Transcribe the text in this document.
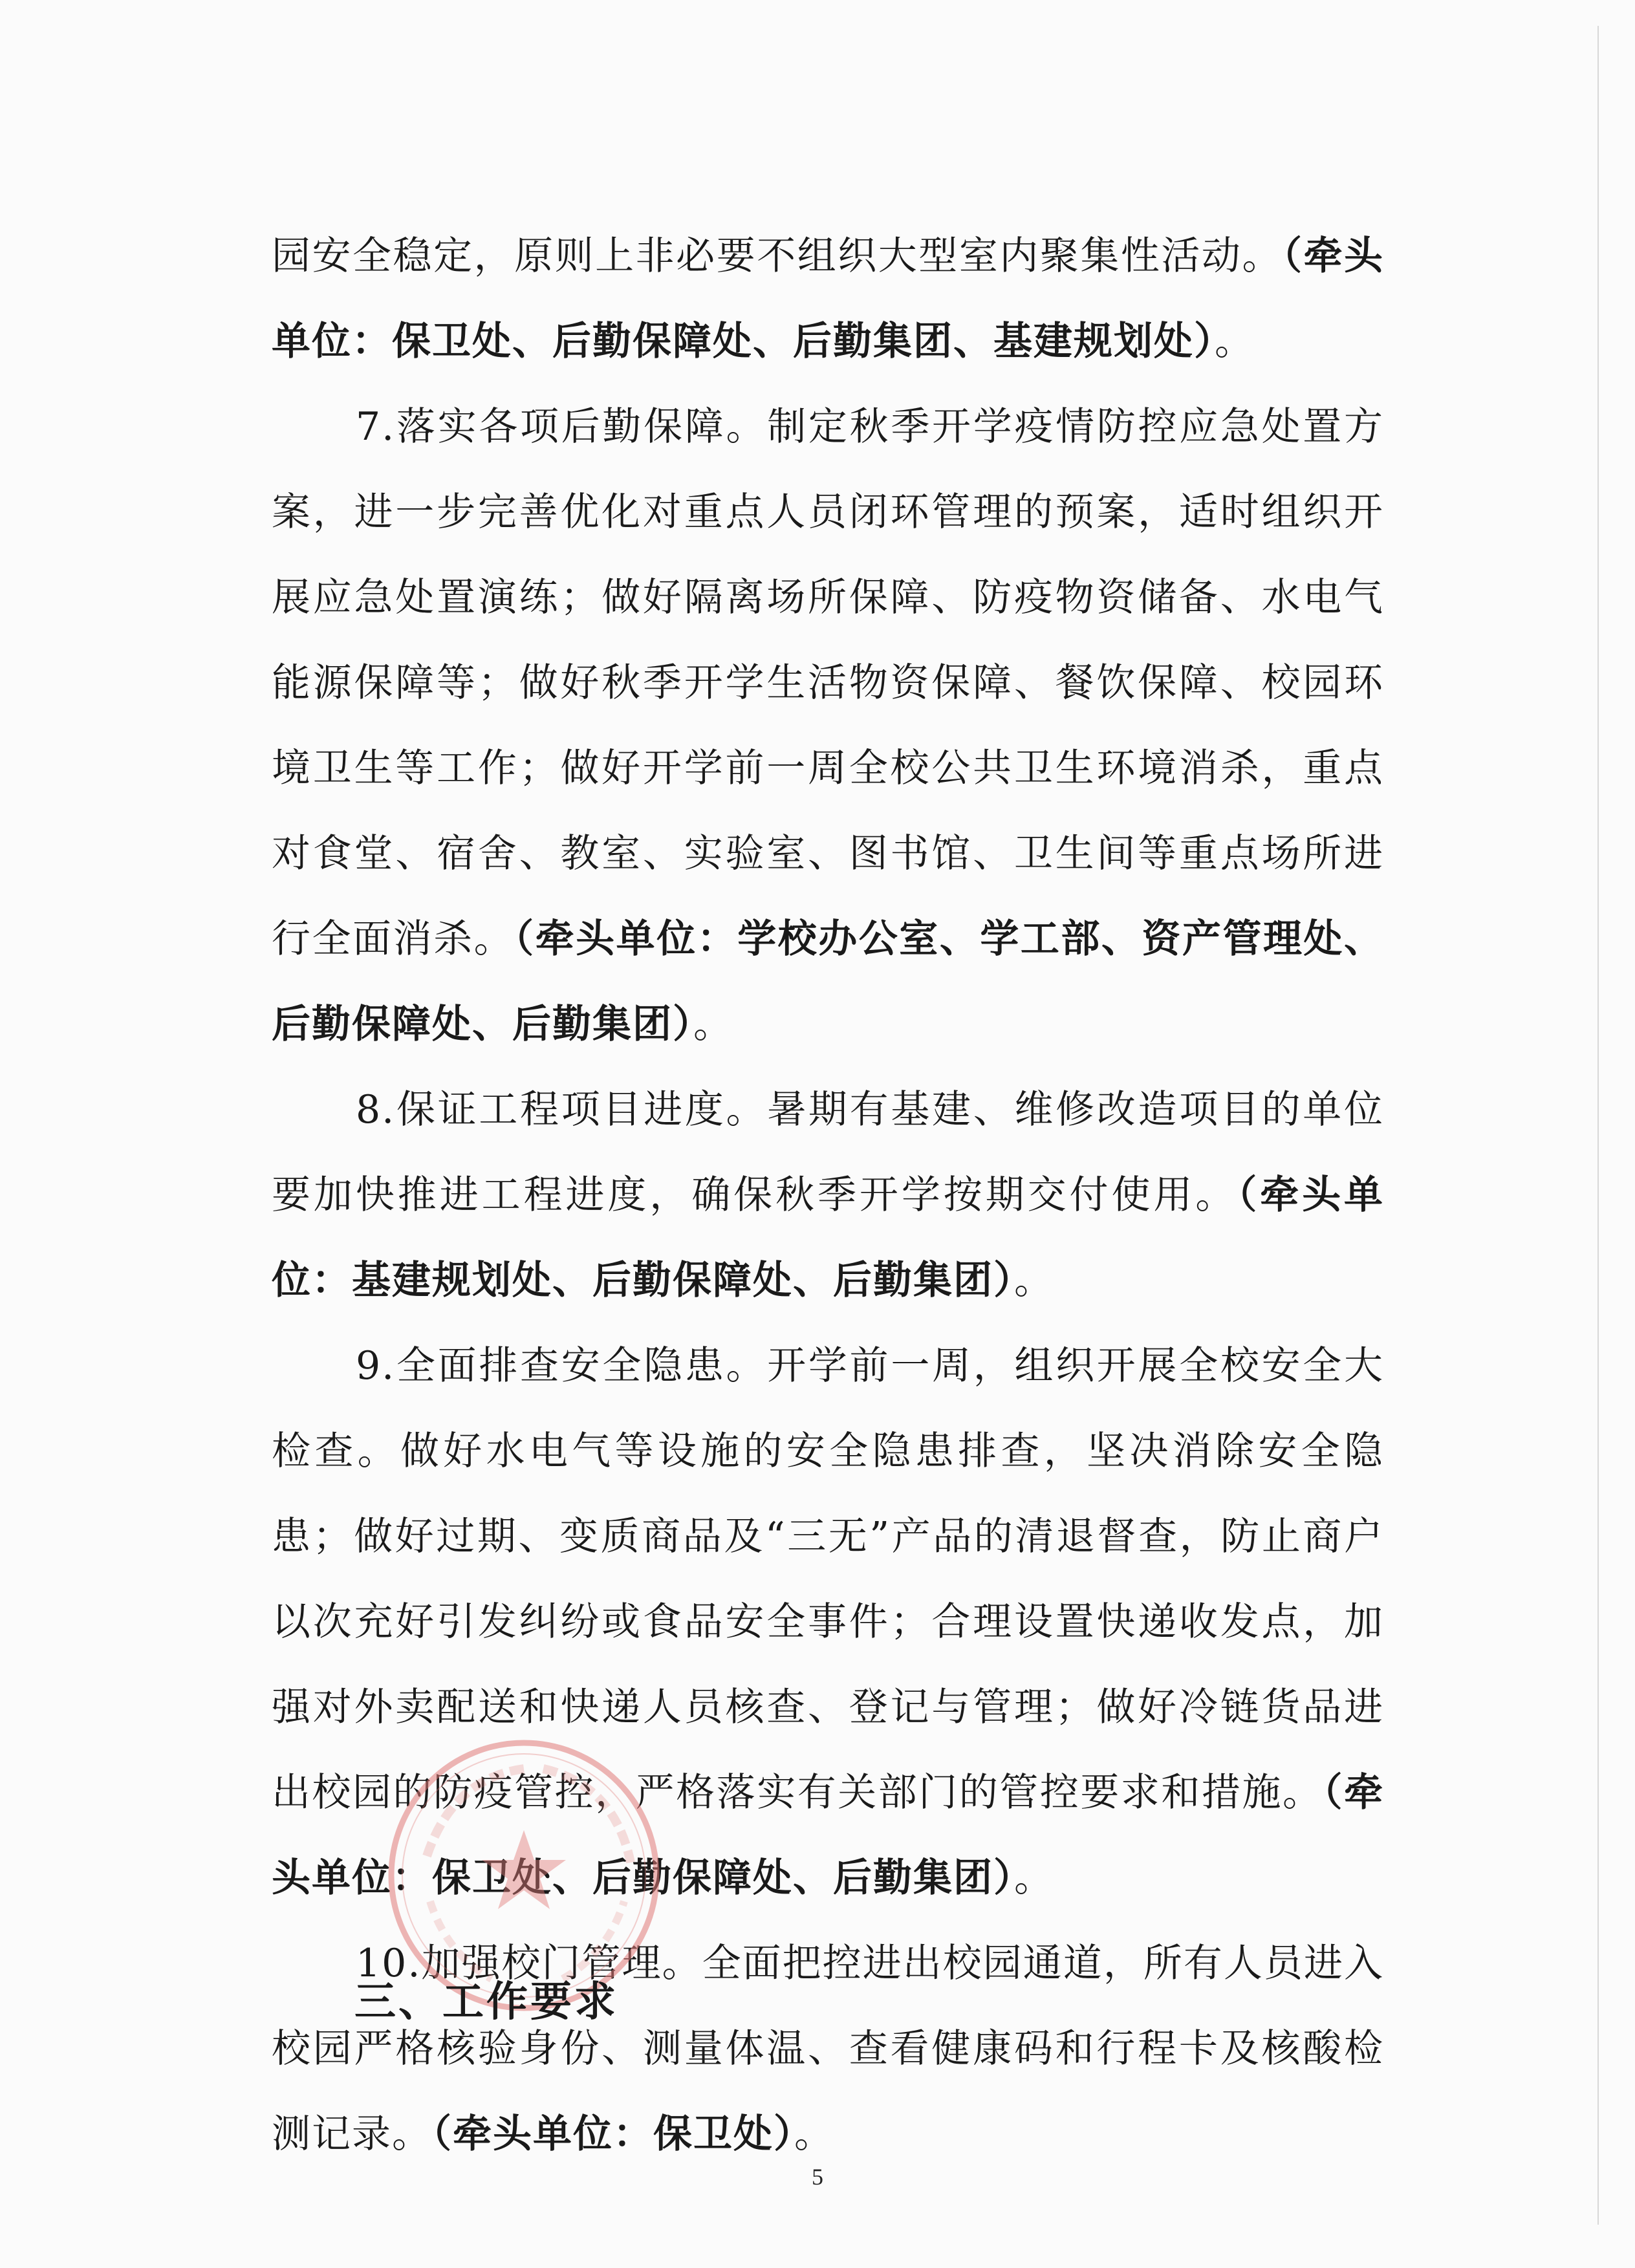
园安全稳定，原则上非必要不组织大型室内聚集性活动。（牵头单位：保卫处、后勤保障处、后勤集团、基建规划处）。

7.落实各项后勤保障。制定秋季开学疫情防控应急处置方案，进一步完善优化对重点人员闭环管理的预案，适时组织开展应急处置演练；做好隔离场所保障、防疫物资储备、水电气能源保障等；做好秋季开学生活物资保障、餐饮保障、校园环境卫生等工作；做好开学前一周全校公共卫生环境消杀，重点对食堂、宿舍、教室、实验室、图书馆、卫生间等重点场所进行全面消杀。（牵头单位：学校办公室、学工部、资产管理处、后勤保障处、后勤集团）。

8.保证工程项目进度。暑期有基建、维修改造项目的单位要加快推进工程进度，确保秋季开学按期交付使用。（牵头单位：基建规划处、后勤保障处、后勤集团）。

9.全面排查安全隐患。开学前一周，组织开展全校安全大检查。做好水电气等设施的安全隐患排查，坚决消除安全隐患；做好过期、变质商品及“三无”产品的清退督查，防止商户以次充好引发纠纷或食品安全事件；合理设置快递收发点，加强对外卖配送和快递人员核查、登记与管理；做好冷链货品进出校园的防疫管控，严格落实有关部门的管控要求和措施。（牵头单位：保卫处、后勤保障处、后勤集团）。

10.加强校门管理。全面把控进出校园通道，所有人员进入校园严格核验身份、测量体温、查看健康码和行程卡及核酸检测记录。（牵头单位：保卫处）。

三、工作要求
5
